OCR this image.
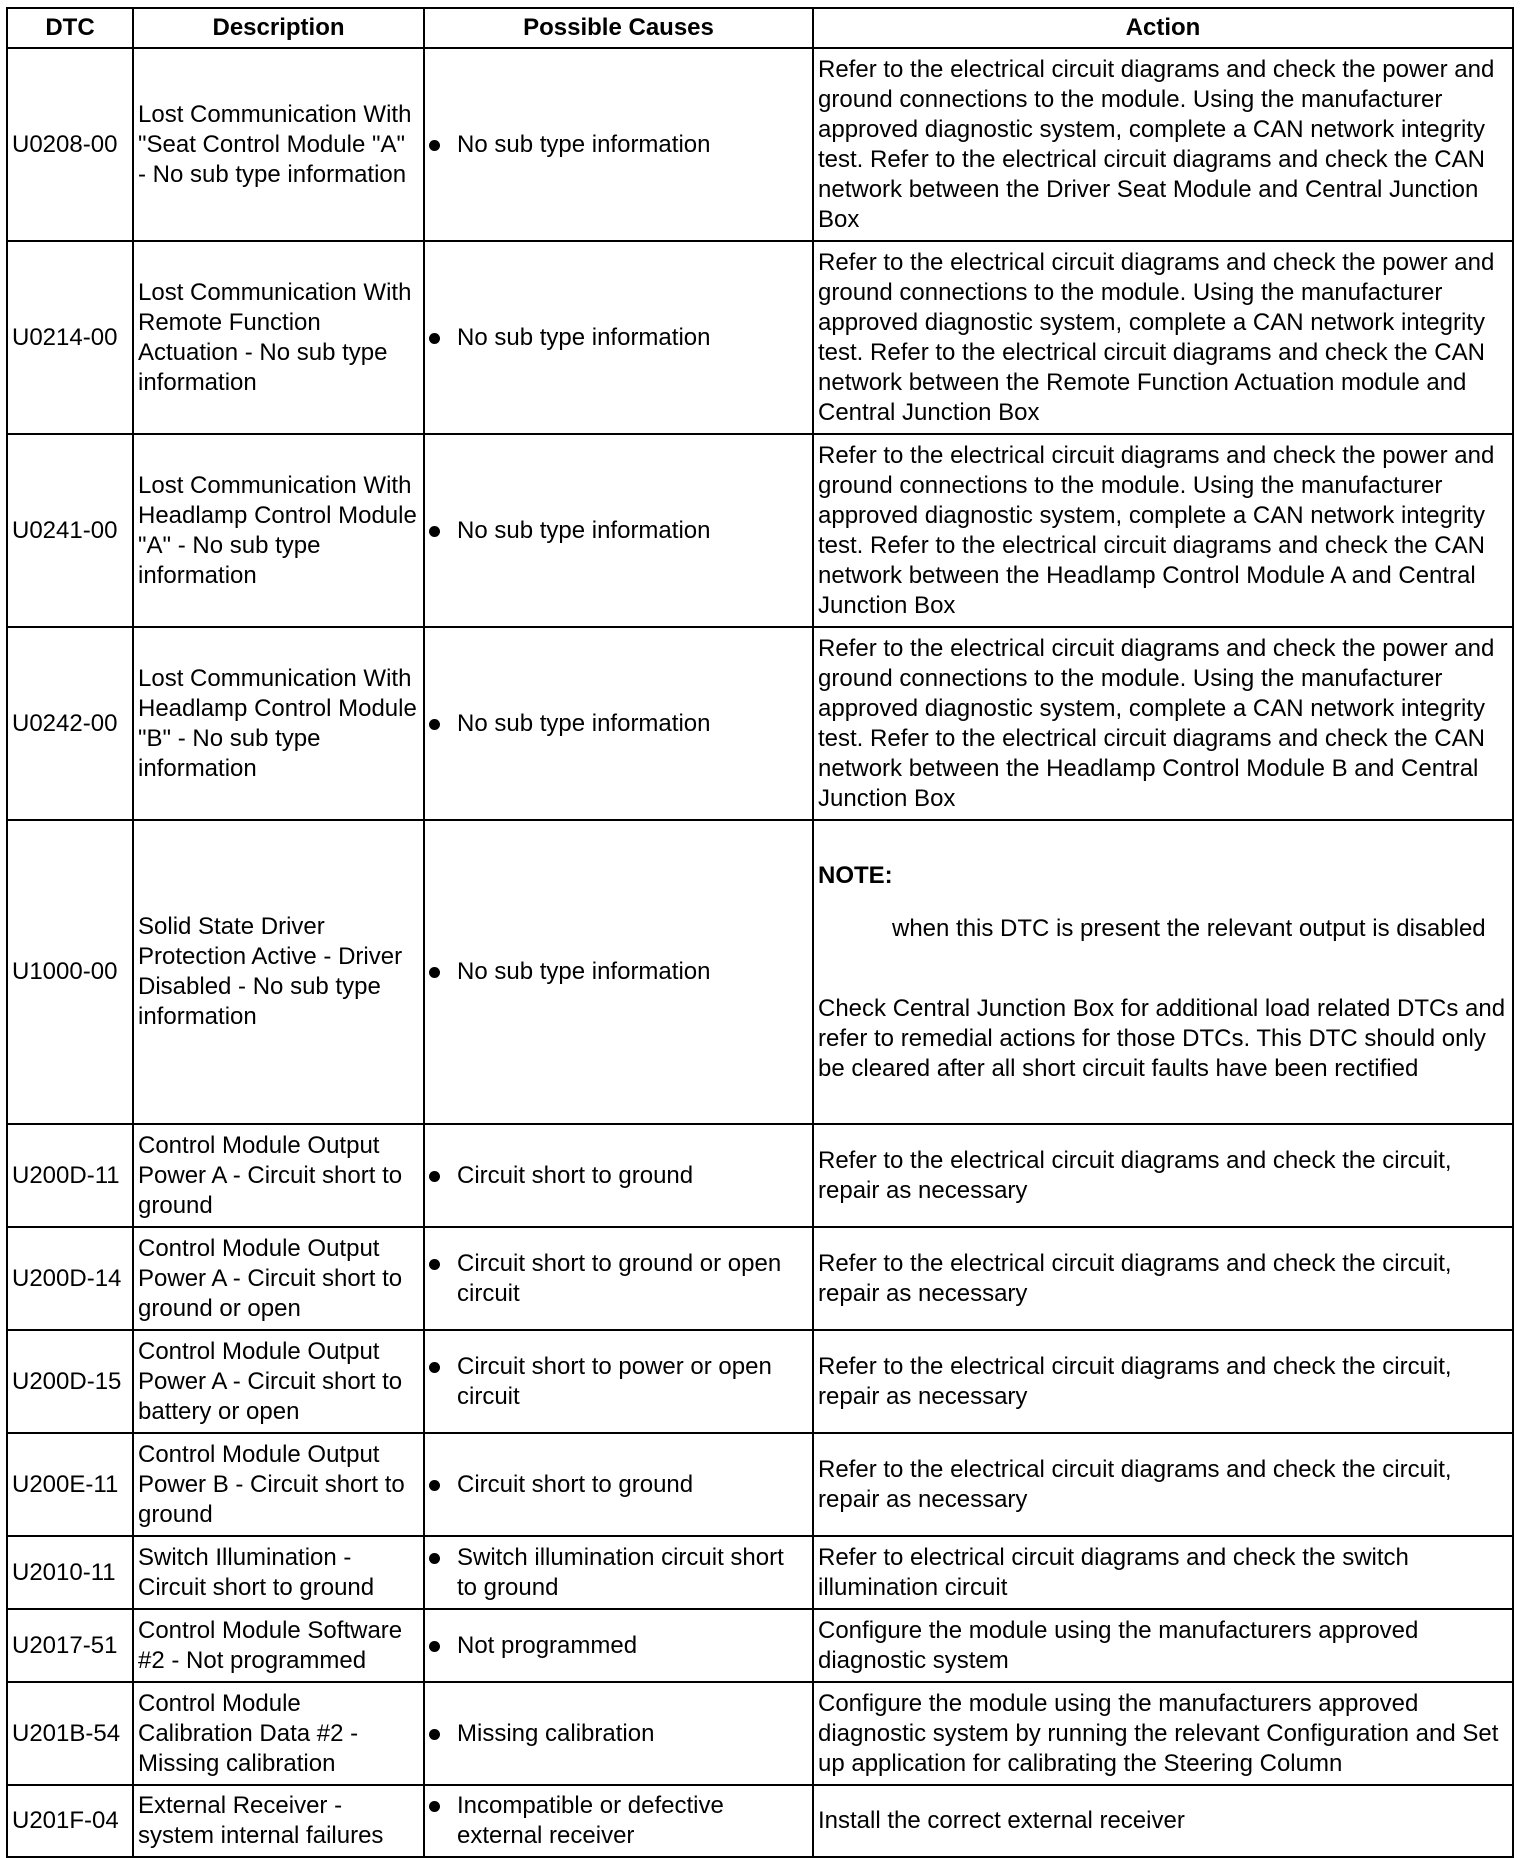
DTC	Description	Possible Causes	Action
U0208-00	Lost Communication With "Seat Control Module "A" - No sub type information	No sub type information	Refer to the electrical circuit diagrams and check the power and ground connections to the module. Using the manufacturer approved diagnostic system, complete a CAN network integrity test. Refer to the electrical circuit diagrams and check the CAN network between the Driver Seat Module and Central Junction Box
U0214-00	Lost Communication With Remote Function Actuation - No sub type information	No sub type information	Refer to the electrical circuit diagrams and check the power and ground connections to the module. Using the manufacturer approved diagnostic system, complete a CAN network integrity test. Refer to the electrical circuit diagrams and check the CAN network between the Remote Function Actuation module and Central Junction Box
U0241-00	Lost Communication With Headlamp Control Module "A" - No sub type information	No sub type information	Refer to the electrical circuit diagrams and check the power and ground connections to the module. Using the manufacturer approved diagnostic system, complete a CAN network integrity test. Refer to the electrical circuit diagrams and check the CAN network between the Headlamp Control Module A and Central Junction Box
U0242-00	Lost Communication With Headlamp Control Module "B" - No sub type information	No sub type information	Refer to the electrical circuit diagrams and check the power and ground connections to the module. Using the manufacturer approved diagnostic system, complete a CAN network integrity test. Refer to the electrical circuit diagrams and check the CAN network between the Headlamp Control Module B and Central Junction Box
U1000-00	Solid State Driver Protection Active - Driver Disabled - No sub type information	No sub type information	NOTE:
when this DTC is present the relevant output is disabled
Check Central Junction Box for additional load related DTCs and refer to remedial actions for those DTCs. This DTC should only be cleared after all short circuit faults have been rectified

U200D-11	Control Module Output Power A - Circuit short to ground	Circuit short to ground	Refer to the electrical circuit diagrams and check the circuit, repair as necessary
U200D-14	Control Module Output Power A - Circuit short to ground or open	Circuit short to ground or open circuit	Refer to the electrical circuit diagrams and check the circuit, repair as necessary
U200D-15	Control Module Output Power A - Circuit short to battery or open	Circuit short to power or open circuit	Refer to the electrical circuit diagrams and check the circuit, repair as necessary
U200E-11	Control Module Output Power B - Circuit short to ground	Circuit short to ground	Refer to the electrical circuit diagrams and check the circuit, repair as necessary
U2010-11	Switch Illumination - Circuit short to ground	Switch illumination circuit short to ground	Refer to electrical circuit diagrams and check the switch illumination circuit
U2017-51	Control Module Software #2 - Not programmed	Not programmed	Configure the module using the manufacturers approved diagnostic system
U201B-54	Control Module Calibration Data #2 - Missing calibration	Missing calibration	Configure the module using the manufacturers approved diagnostic system by running the relevant Configuration and Set up application for calibrating the Steering Column
U201F-04	External Receiver - system internal failures	Incompatible or defective external receiver	Install the correct external receiver
